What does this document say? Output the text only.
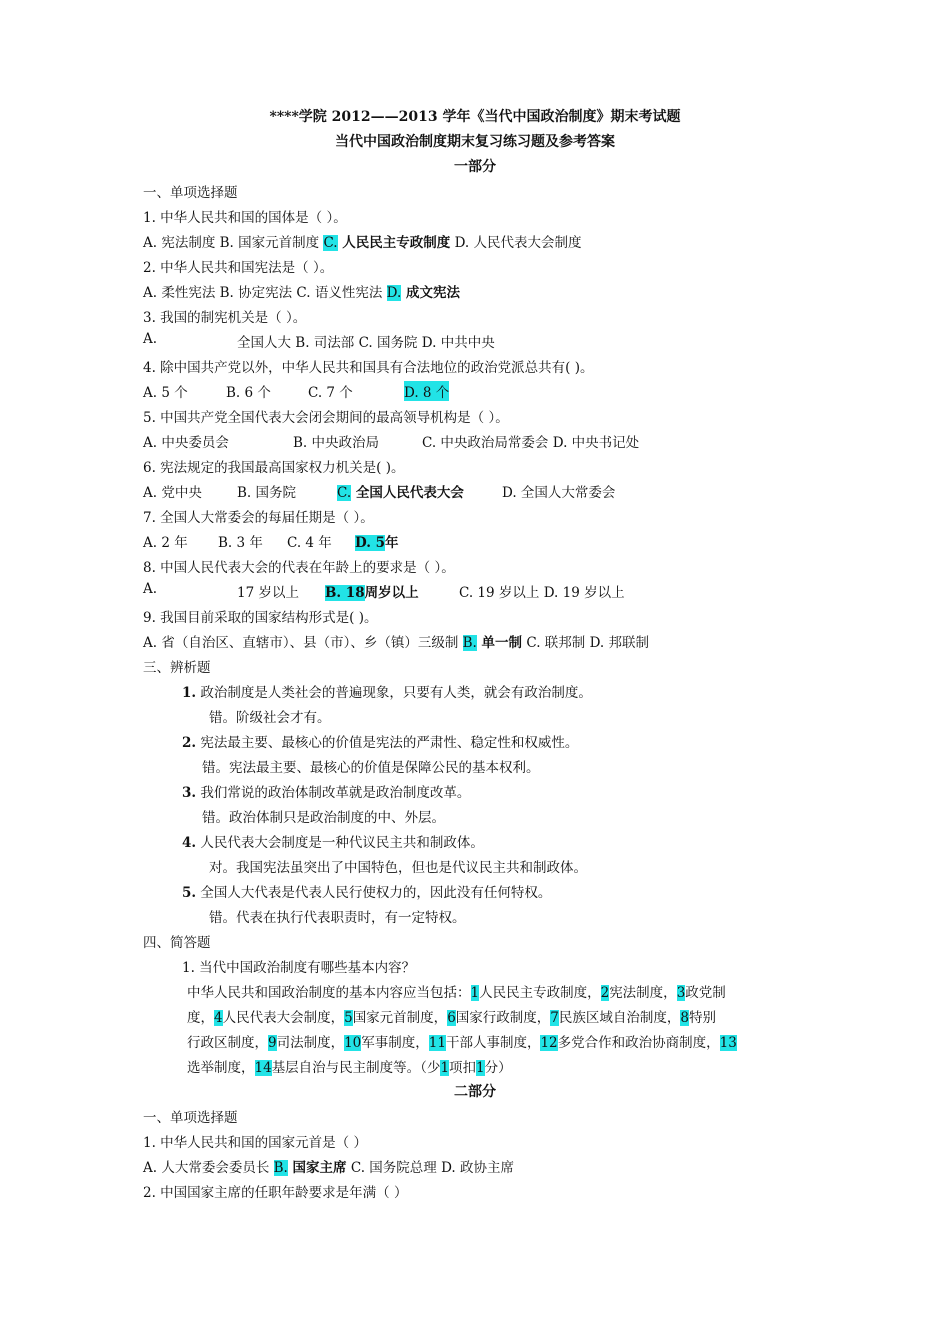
****学院 2012——2013 学年《当代中国政治制度》期末考试题
当代中国政治制度期末复习练习题及参考答案
一部分
一、单项选择题
1. 中华人民共和国的国体是（ ）。
A. 宪法制度 B. 国家元首制度 C. 人民民主专政制度 D. 人民代表大会制度
2. 中华人民共和国宪法是（ ）。
A. 柔性宪法 B. 协定宪法 C. 语义性宪法 D. 成文宪法
3. 我国的制宪机关是（ ）。
A.	全国人大 B. 司法部 C. 国务院 D. 中共中央
4. 除中国共产党以外，中华人民共和国具有合法地位的政治党派总共有( )。
A. 5 个	B. 6 个	C. 7 个	D. 8 个
5. 中国共产党全国代表大会闭会期间的最高领导机构是（ ）。
A. 中央委员会	B. 中央政治局	C. 中央政治局常委会 D. 中央书记处
6. 宪法规定的我国最高国家权力机关是( )。
A. 党中央	B. 国务院	C. 全国人民代表大会	D. 全国人大常委会
7. 全国人大常委会的每届任期是（ ）。
A. 2 年 B. 3 年 C. 4 年 D. 5年
8. 中国人民代表大会的代表在年龄上的要求是（ ）。
A.	17 岁以上 B. 18周岁以上	C. 19 岁以上 D. 19 岁以上
9. 我国目前采取的国家结构形式是( )。
A. 省（自治区、直辖市）、县（市）、乡（镇）三级制 B. 单一制 C. 联邦制 D. 邦联制
三、辨析题
1. 政治制度是人类社会的普遍现象，只要有人类，就会有政治制度。
错。阶级社会才有。
2. 宪法最主要、最核心的价值是宪法的严肃性、稳定性和权威性。
错。宪法最主要、最核心的价值是保障公民的基本权利。
3. 我们常说的政治体制改革就是政治制度改革。
错。政治体制只是政治制度的中、外层。
4. 人民代表大会制度是一种代议民主共和制政体。
对。我国宪法虽突出了中国特色，但也是代议民主共和制政体。
5. 全国人大代表是代表人民行使权力的，因此没有任何特权。
错。代表在执行代表职责时，有一定特权。
四、简答题
1. 当代中国政治制度有哪些基本内容？
中华人民共和国政治制度的基本内容应当包括：1人民民主专政制度，2宪法制度，3政党制
度，4人民代表大会制度，5国家元首制度，6国家行政制度，7民族区域自治制度，8特别
行政区制度，9司法制度，10军事制度，11干部人事制度，12多党合作和政治协商制度，13
选举制度，14基层自治与民主制度等。（少1项扣1分）
二部分
一、单项选择题
1. 中华人民共和国的国家元首是（ ）
A. 人大常委会委员长 B. 国家主席 C. 国务院总理 D. 政协主席
2. 中国国家主席的任职年龄要求是年满（ ）
